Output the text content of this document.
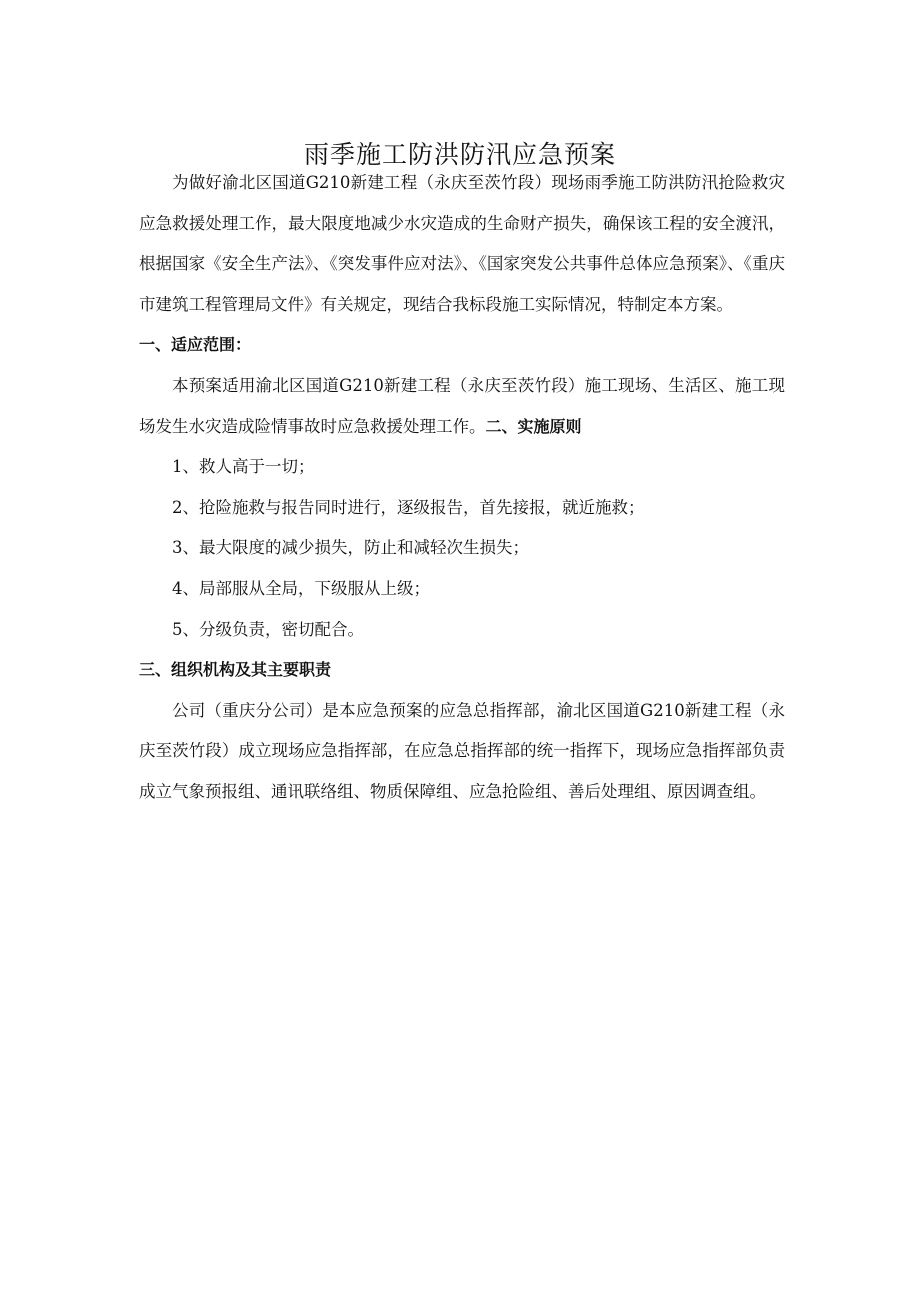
雨季施工防洪防汛应急预案

为做好渝北区国道G210新建工程（永庆至茨竹段）现场雨季施工防洪防汛抢险救灾应急救援处理工作，最大限度地减少水灾造成的生命财产损失，确保该工程的安全渡汛，根据国家《安全生产法》、《突发事件应对法》、《国家突发公共事件总体应急预案》、《重庆市建筑工程管理局文件》有关规定，现结合我标段施工实际情况，特制定本方案。

一、适应范围：

本预案适用渝北区国道G210新建工程（永庆至茨竹段）施工现场、生活区、施工现场发生水灾造成险情事故时应急救援处理工作。二、实施原则

1、救人高于一切；

2、抢险施救与报告同时进行，逐级报告，首先接报，就近施救；

3、最大限度的减少损失，防止和减轻次生损失；

4、局部服从全局，下级服从上级；

5、分级负责，密切配合。

三、组织机构及其主要职责

公司（重庆分公司）是本应急预案的应急总指挥部，渝北区国道G210新建工程（永庆至茨竹段）成立现场应急指挥部，在应急总指挥部的统一指挥下，现场应急指挥部负责成立气象预报组、通讯联络组、物质保障组、应急抢险组、善后处理组、原因调查组。
